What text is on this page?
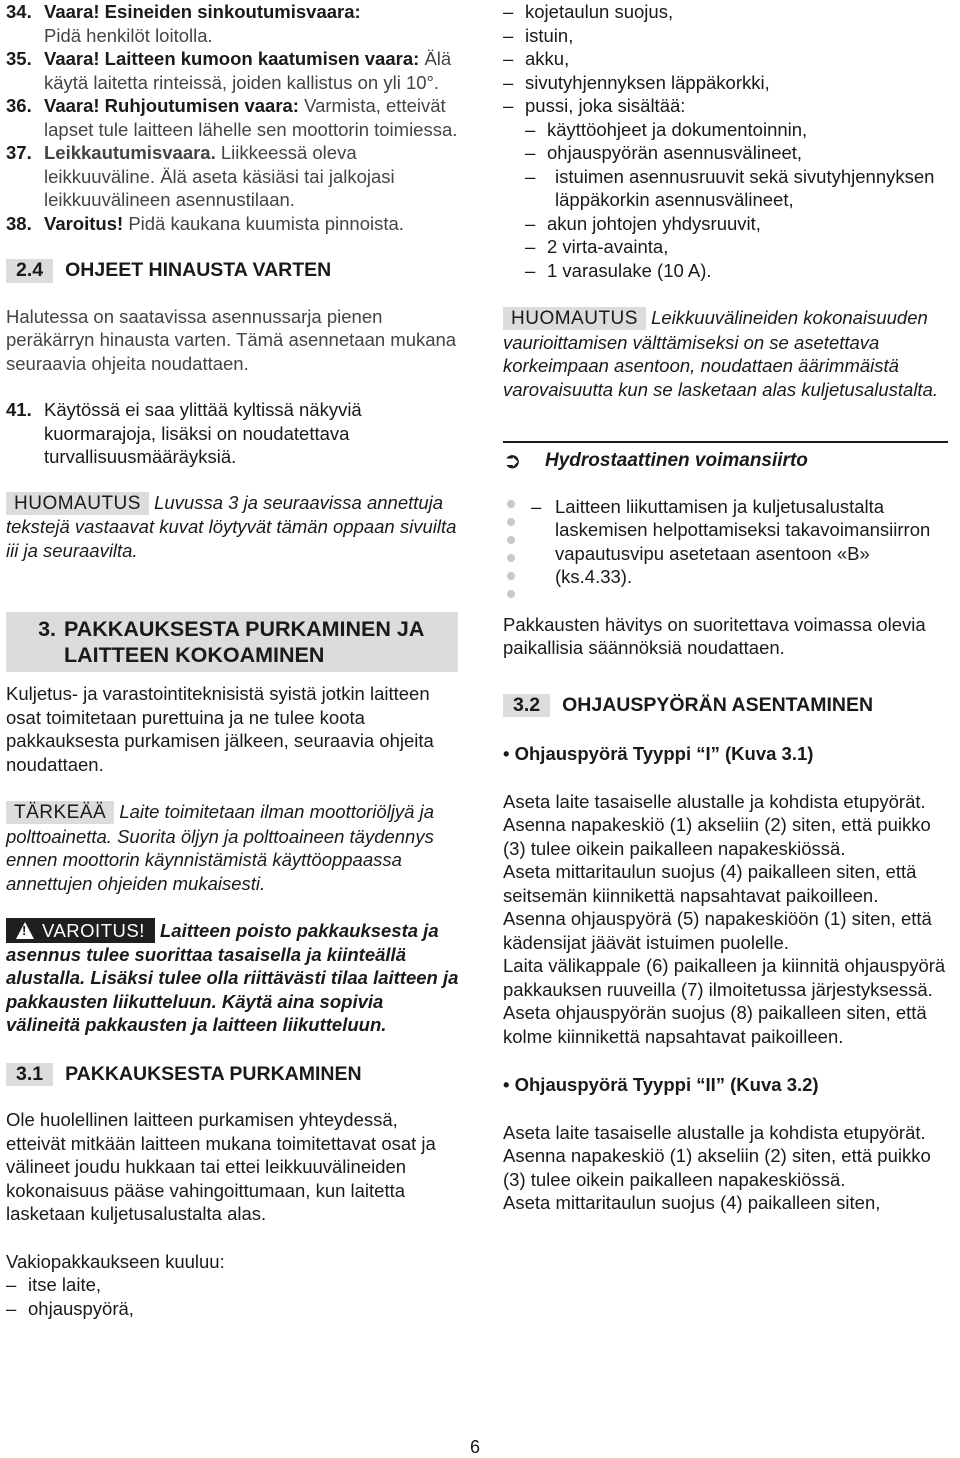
34. Vaara! Esineiden sinkoutumisvaara:
Pidä henkilöt loitolla.
35. Vaara! Laitteen kumoon kaatumisen vaara: Älä käytä laitetta rinteissä, joiden kallistus on yli 10°.
36. Vaara! Ruhjoutumisen vaara: Varmista, etteivät lapset tule laitteen lähelle sen moottorin toimiessa.
37. Leikkautumisvaara. Liikkeessä oleva leikkuuväline. Älä aseta käsiäsi tai jalkojasi leikkuuvälineen asennustilaan.
38. Varoitus! Pidä kaukana kuumista pinnoista.
2.4	OHJEET HINAUSTA VARTEN

Halutessa on saatavissa asennussarja pienen peräkärryn hinausta varten. Tämä asennetaan mukana seuraavia ohjeita noudattaen.

41. Käytössä ei saa ylittää kyltissä näkyviä kuormarajoja, lisäksi on noudatettava turvallisuusmääräyksiä.

HUOMAUTUS Luvussa 3 ja seuraavissa annettuja tekstejä vastaavat kuvat löytyvät tämän oppaan sivuilta iii ja seuraavilta.

3. PAKKAUKSESTA PURKAMINEN JA LAITTEEN KOKOAMINEN

Kuljetus- ja varastointiteknisistä syistä jotkin laitteen osat toimitetaan purettuina ja ne tulee koota pakkauksesta purkamisen jälkeen, seuraavia ohjeita noudattaen.

TÄRKEÄÄ Laite toimitetaan ilman moottoriöljyä ja polttoainetta. Suorita öljyn ja polttoaineen täydennys ennen moottorin käynnistämistä käyttöoppaassa annettujen ohjeiden mukaisesti.

!VAROITUS! Laitteen poisto pakkauksesta ja asennus tulee suorittaa tasaisella ja kiinteällä alustalla. Lisäksi tulee olla riittävästi tilaa laitteen ja pakkausten liikutteluun. Käytä aina sopivia välineitä pakkausten ja laitteen liikutteluun.

3.1	PAKKAUKSESTA PURKAMINEN

Ole huolellinen laitteen purkamisen yhteydessä, etteivät mitkään laitteen mukana toimitettavat osat ja välineet joudu hukkaan tai ettei leikkuuvälineiden kokonaisuus pääse vahingoittumaan, kun laitetta lasketaan kuljetusalustalta alas.

Vakiopakkaukseen kuuluu:

– itse laite,
– ohjauspyörä,
– kojetaulun suojus,
– istuin,
– akku,
– sivutyhjennyksen läppäkorkki,
– pussi, joka sisältää:
– käyttöohjeet ja dokumentoinnin,
– ohjauspyörän asennusvälineet,
–	istuimen asennusruuvit sekä sivutyhjennyksen läppäkorkin asennusvälineet,
– akun johtojen yhdysruuvit,
– 2 virta-avainta,
– 1 varasulake (10 A).

HUOMAUTUS Leikkuuvälineiden kokonaisuuden vaurioittamisen välttämiseksi on se asetettava korkeimpaan asentoon, noudattaen äärimmäistä varovaisuutta kun se lasketaan alas kuljetusalustalta.

➲	Hydrostaattinen voimansiirto
– Laitteen liikuttamisen ja kuljetusalustalta laskemisen helpottamiseksi takavoimansiirron vapautusvipu asetetaan asentoon «B» (ks.4.33).

Pakkausten hävitys on suoritettava voimassa olevia paikallisia säännöksiä noudattaen.

3.2	OHJAUSPYÖRÄN ASENTAMINEN

• Ohjauspyörä Tyyppi “I” (Kuva 3.1)

Aseta laite tasaiselle alustalle ja kohdista etupyörät.

Asenna napakeskiö (1) akseliin (2) siten, että puikko (3) tulee oikein paikalleen napakeskiössä.

Aseta mittaritaulun suojus (4) paikalleen siten, että seitsemän kiinnikettä napsahtavat paikoilleen.

Asenna ohjauspyörä (5) napakeskiöön (1) siten, että kädensijat jäävät istuimen puolelle.

Laita välikappale (6) paikalleen ja kiinnitä ohjauspyörä pakkauksen ruuveilla (7) ilmoitetussa järjestyksessä.

Aseta ohjauspyörän suojus (8) paikalleen siten, että kolme kiinnikettä napsahtavat paikoilleen.

• Ohjauspyörä Tyyppi “II” (Kuva 3.2)

Aseta laite tasaiselle alustalle ja kohdista etupyörät.

Asenna napakeskiö (1) akseliin (2) siten, että puikko (3) tulee oikein paikalleen napakeskiössä.

Aseta mittaritaulun suojus (4) paikalleen siten,

6
